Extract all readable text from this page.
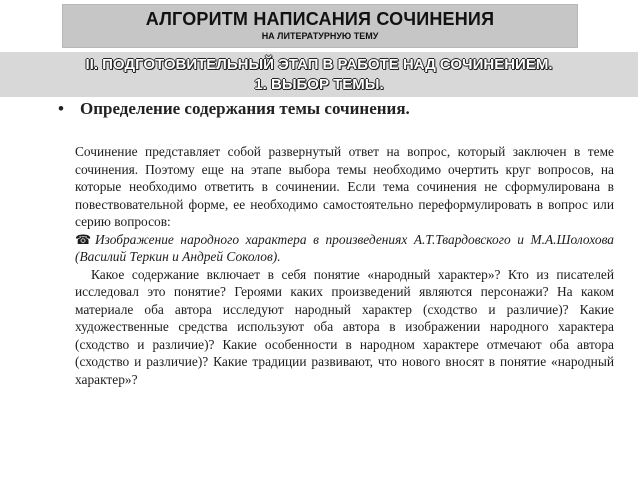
АЛГОРИТМ НАПИСАНИЯ СОЧИНЕНИЯ
НА ЛИТЕРАТУРНУЮ ТЕМУ
II. ПОДГОТОВИТЕЛЬНЫЙ ЭТАП В РАБОТЕ НАД СОЧИНЕНИЕМ.
1. ВЫБОР ТЕМЫ.
• Определение содержания темы сочинения.

Сочинение представляет собой развернутый ответ на вопрос, который заключен в теме сочинения. Поэтому еще на этапе выбора темы необходимо очертить круг вопросов, на которые необходимо ответить в сочинении. Если тема сочинения не сформулирована в повествовательной форме, ее необходимо самостоятельно переформулировать в вопрос или серию вопросов:

☎ Изображение народного характера в произведениях А.Т.Твардовского и М.А.Шолохова (Василий Теркин и Андрей Соколов).

Какое содержание включает в себя понятие «народный характер»? Кто из писателей исследовал это понятие? Героями каких произведений являются персонажи? На каком материале оба автора исследуют народный характер (сходство и различие)? Какие художественные средства используют оба автора в изображении народного характера (сходство и различие)? Какие особенности в народном характере отмечают оба автора (сходство и различие)? Какие традиции развивают, что нового вносят в понятие «народный характер»?
